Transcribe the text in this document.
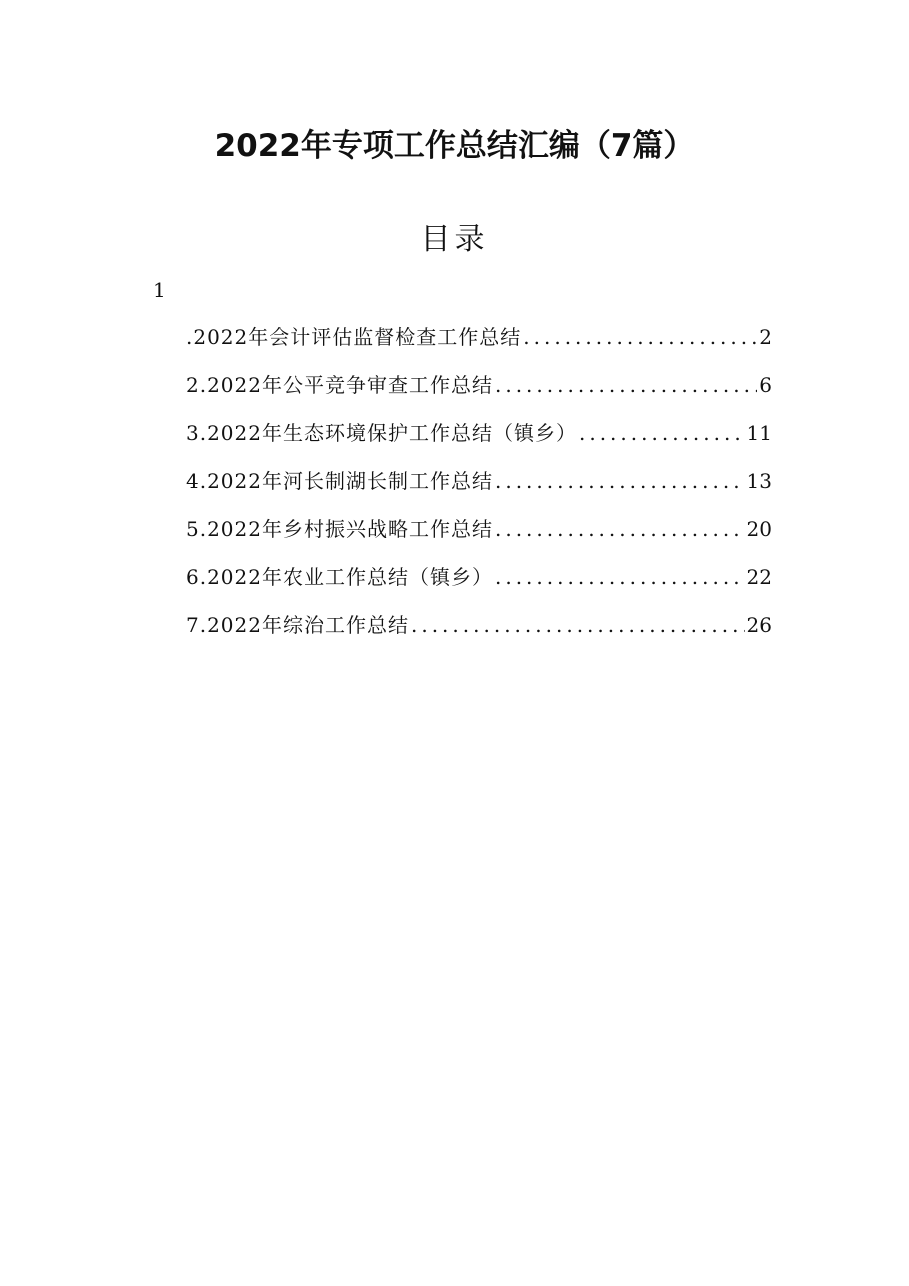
2022年专项工作总结汇编（7篇）
目录
1
.2022年会计评估监督检查工作总结 .....	2
2.2022年公平竞争审查工作总结 .....	6
3.2022年生态环境保护工作总结（镇乡） .....	11
4.2022年河长制湖长制工作总结 .....	13
5.2022年乡村振兴战略工作总结 .....	20
6.2022年农业工作总结（镇乡） .....	22
7.2022年综治工作总结 .....	26
